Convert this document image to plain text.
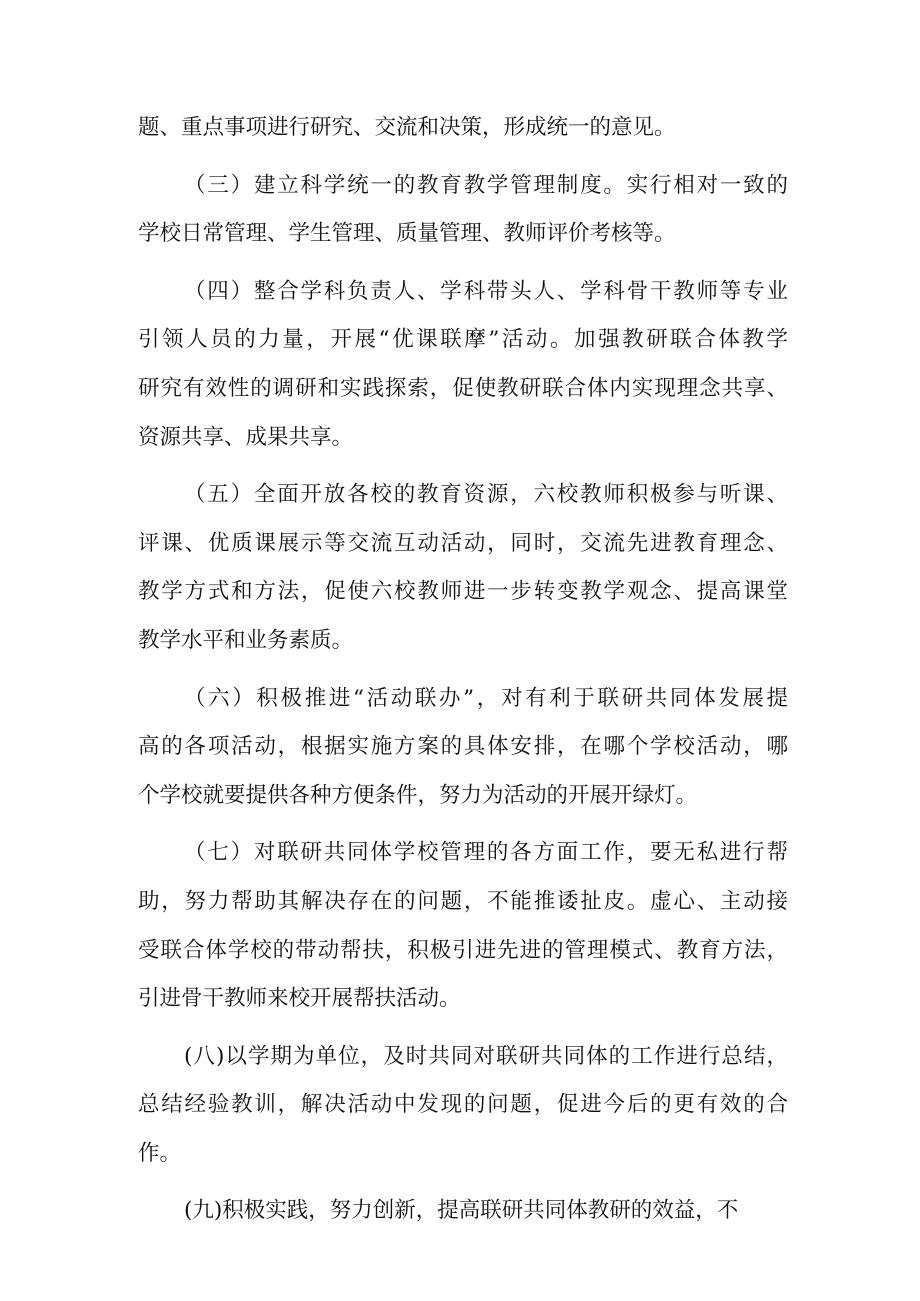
题、重点事项进行研究、交流和决策，形成统一的意见。
（三）建立科学统一的教育教学管理制度。实行相对一致的
学校日常管理、学生管理、质量管理、教师评价考核等。
（四）整合学科负责人、学科带头人、学科骨干教师等专业
引领人员的力量，开展“优课联摩”活动。加强教研联合体教学
研究有效性的调研和实践探索，促使教研联合体内实现理念共享、
资源共享、成果共享。
（五）全面开放各校的教育资源，六校教师积极参与听课、
评课、优质课展示等交流互动活动，同时，交流先进教育理念、
教学方式和方法，促使六校教师进一步转变教学观念、提高课堂
教学水平和业务素质。
（六）积极推进“活动联办”，对有利于联研共同体发展提
高的各项活动，根据实施方案的具体安排，在哪个学校活动，哪
个学校就要提供各种方便条件，努力为活动的开展开绿灯。
（七）对联研共同体学校管理的各方面工作，要无私进行帮
助，努力帮助其解决存在的问题，不能推诿扯皮。虚心、主动接
受联合体学校的带动帮扶，积极引进先进的管理模式、教育方法，
引进骨干教师来校开展帮扶活动。
(八)以学期为单位，及时共同对联研共同体的工作进行总结，
总结经验教训，解决活动中发现的问题，促进今后的更有效的合
作。
(九)积极实践，努力创新，提高联研共同体教研的效益，不
